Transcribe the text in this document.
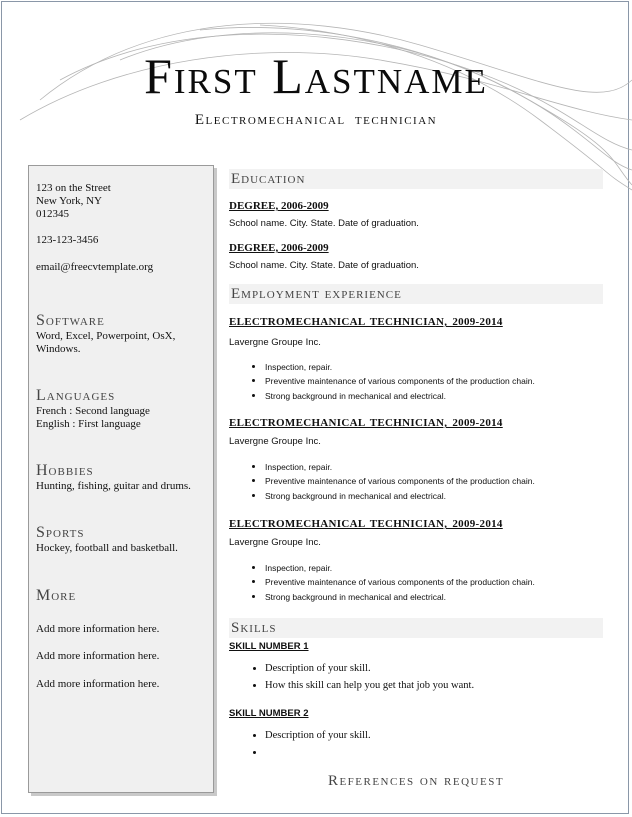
First Lastname
Electromechanical technician
123 on the Street
New York, NY
012345
123-123-3456
email@freecvtemplate.org
Software
Word, Excel, Powerpoint, OsX,
Windows.
Languages
French : Second language
English : First language
Hobbies
Hunting, fishing, guitar and drums.
Sports
Hockey, football and basketball.
More
Add more information here.
Add more information here.
Add more information here.
Education
DEGREE, 2006-2009
School name. City. State. Date of graduation.
DEGREE, 2006-2009
School name. City. State. Date of graduation.
Employment experience
ELECTROMECHANICAL TECHNICIAN, 2009-2014
Lavergne Groupe Inc.
• Inspection, repair.
• Preventive maintenance of various components of the production chain.
• Strong background in mechanical and electrical.
ELECTROMECHANICAL TECHNICIAN, 2009-2014
Lavergne Groupe Inc.
• Inspection, repair.
• Preventive maintenance of various components of the production chain.
• Strong background in mechanical and electrical.
ELECTROMECHANICAL TECHNICIAN, 2009-2014
Lavergne Groupe Inc.
• Inspection, repair.
• Preventive maintenance of various components of the production chain.
• Strong background in mechanical and electrical.
Skills
SKILL NUMBER 1
• Description of your skill.
• How this skill can help you get that job you want.
SKILL NUMBER 2
• Description of your skill.
•
References on request
